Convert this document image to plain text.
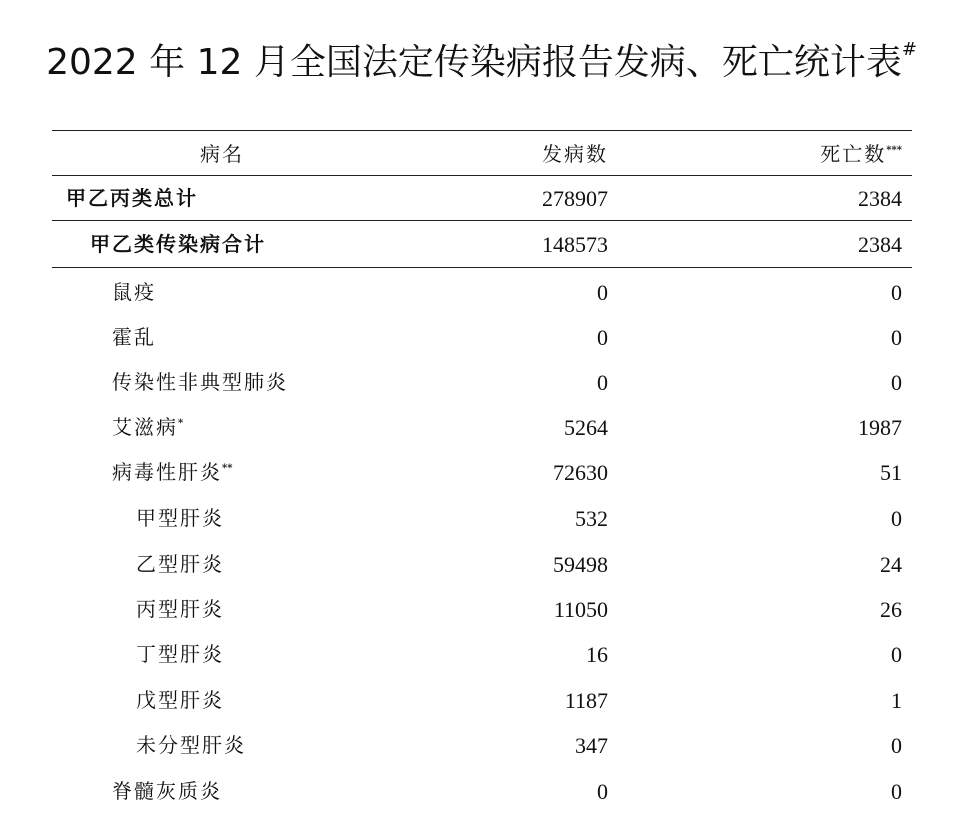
2022 年 12 月全国法定传染病报告发病、死亡统计表#
病名	发病数	死亡数***
甲乙丙类总计	278907	2384
甲乙类传染病合计	148573	2384
鼠疫	0	0
霍乱	0	0
传染性非典型肺炎	0	0
艾滋病*	5264	1987
病毒性肝炎**	72630	51
甲型肝炎	532	0
乙型肝炎	59498	24
丙型肝炎	11050	26
丁型肝炎	16	0
戊型肝炎	1187	1
未分型肝炎	347	0
脊髓灰质炎	0	0
